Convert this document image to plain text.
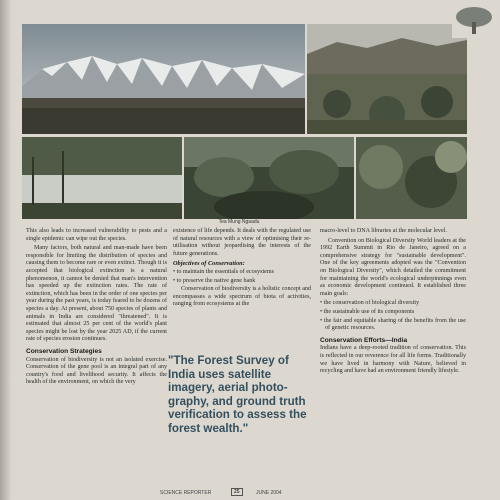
Tea Mung Ngaadu

This also leads to increased vulnerability to pests and a single epidemic can wipe out the species.

Many factors, both natural and man-made have been responsible for limiting the distribution of species and causing them to become rare or even extinct. Though it is accepted that biological extinction is a natural phenomenon, it cannot be denied that man's intervention has speeded up the extinction rates. The rate of extinction, which has been in the order of one species per year during the past years, is today feared to be dozens of species a day. At present, about 750 species of plants and animals in India are considered "threatened". It is estimated that almost 25 per cent of the world's plant species might be lost by the year 2025 AD, if the current rate of species erosion continues.

Conservation Strategies

Conservation of biodiversity is not an isolated exercise. Conservation of the gene pool is an integral part of any country's food and livelihood security. It affects the health of the environment, on which the very

existence of life depends. It deals with the regulated use of natural resources with a view of optimising their re-utilisation without jeopardising the interests of the future generations.

Objectives of Conservation:
• to maintain the essentials of ecosystems
• to preserve the native gene bank

Conservation of biodiversity is a holistic concept and encompasses a wide spectrum of biota of activities, ranging from ecosystems at the

"The Forest Survey of India uses satellite imagery, aerial photo-graphy, and ground truth verification to assess the forest wealth."

macro-level to DNA libraries at the molecular level.

Convention on Biological Diversity World leaders at the 1992 Earth Summit in Rio de Janeiro, agreed on a comprehensive strategy for "sustainable development". One of the key agreements adopted was the "Convention on Biological Diversity", which detailed the commitment for maintaining the world's ecological underpinnings even as economic development continued. It established three main goals:

• the conservation of biological diversity
• the sustainable use of its components
• the fair and equitable sharing of the benefits from the use of genetic resources.
Conservation Efforts—India

Indians have a deep-rooted tradition of conservation. This is reflected in our reverence for all life forms. Traditionally we have lived in harmony with Nature, believed in recycling and have had an environment friendly lifestyle.

SCIENCE REPORTER	25	JUNE 2004
